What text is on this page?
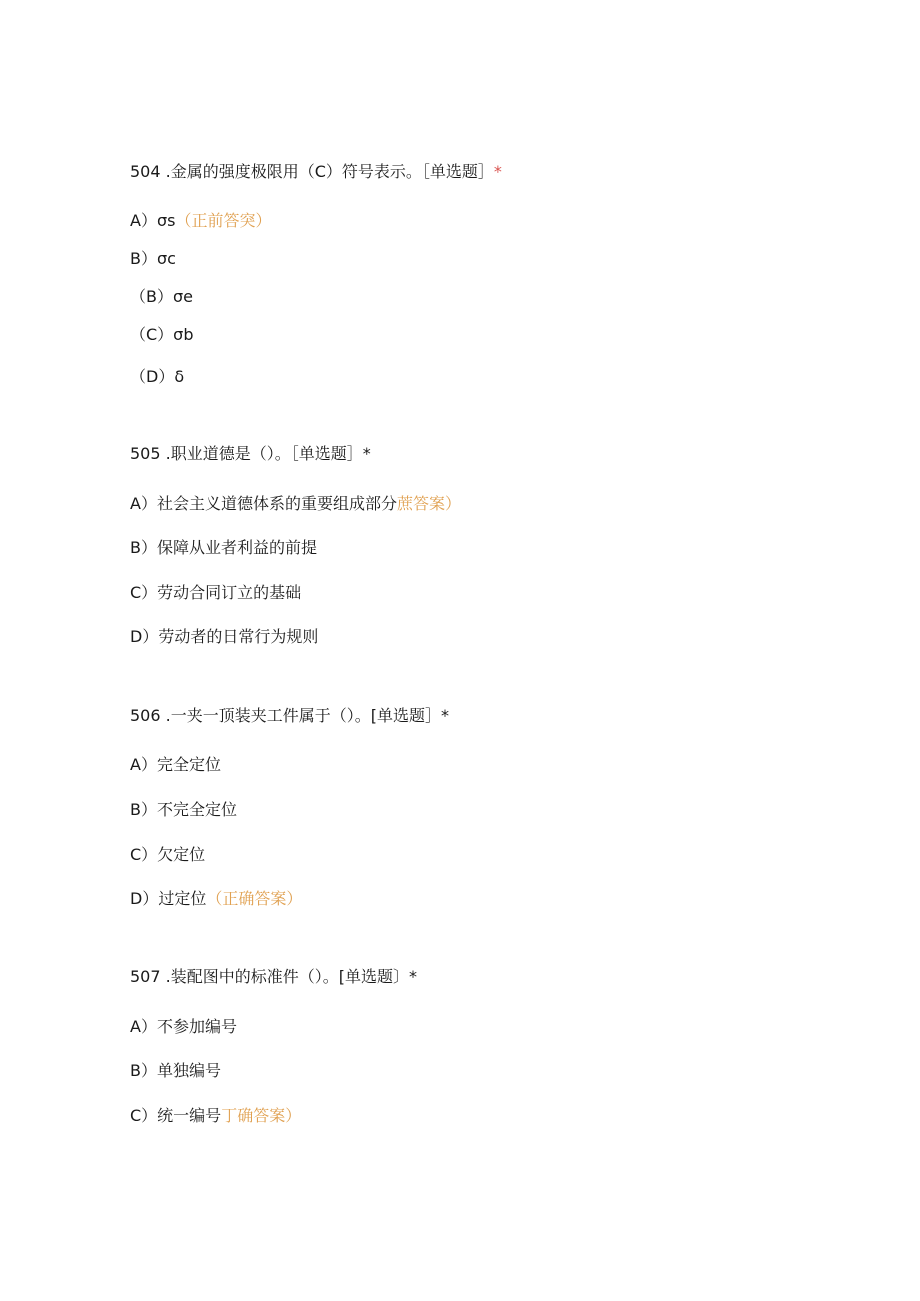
504 .金属的强度极限用（C）符号表示。［单选题］*
A）σs（正前答突）
B）σc
（B）σe
（C）σb
（D）δ
505 .职业道德是（）。［单选题］*
A）社会主义道德体系的重要组成部分蔗答案）
B）保障从业者利益的前提
C）劳动合同订立的基础
D）劳动者的日常行为规则
506 .一夹一顶装夹工件属于（）。[单选题］*
A）完全定位
B）不完全定位
C）欠定位
D）过定位（正确答案）
507 .装配图中的标准件（）。[单选题〕*
A）不参加编号
B）单独编号
C）统一编号丁确答案）
